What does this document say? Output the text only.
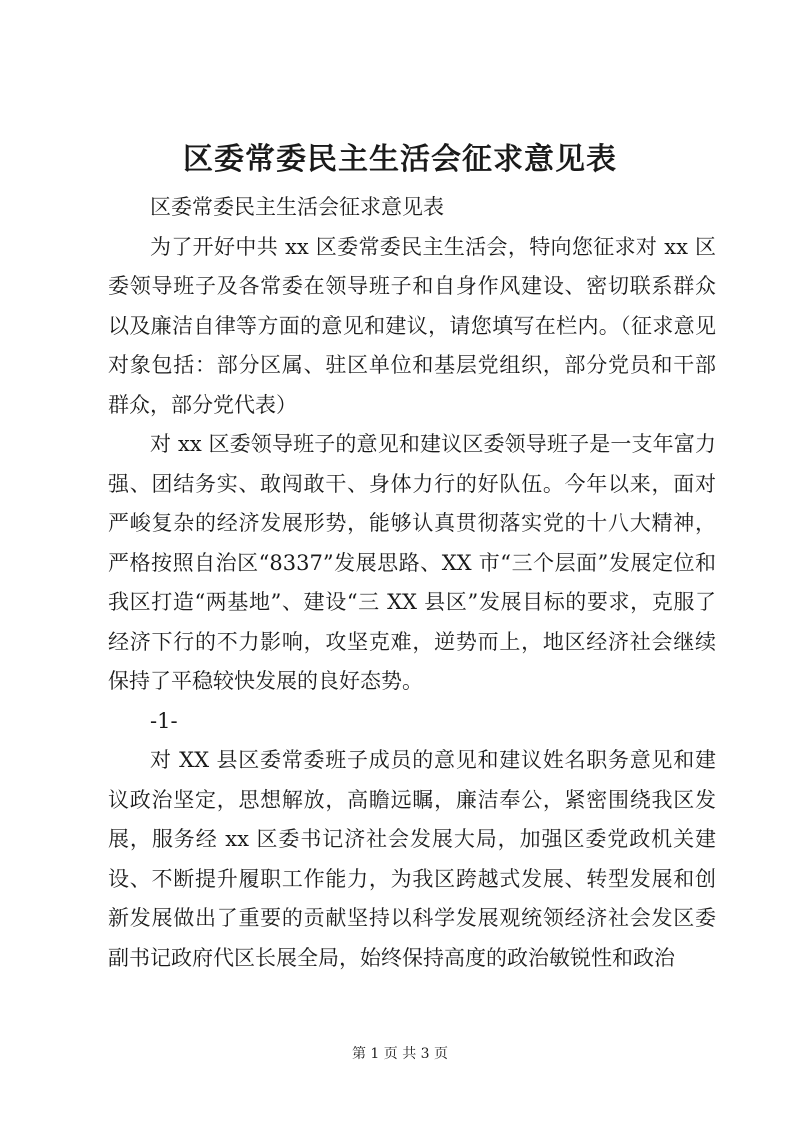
区委常委民主生活会征求意见表

区委常委民主生活会征求意见表

为了开好中共 xx 区委常委民主生活会，特向您征求对 xx 区委领导班子及各常委在领导班子和自身作风建设、密切联系群众以及廉洁自律等方面的意见和建议，请您填写在栏内。（征求意见对象包括：部分区属、驻区单位和基层党组织，部分党员和干部群众，部分党代表）

对 xx 区委领导班子的意见和建议区委领导班子是一支年富力强、团结务实、敢闯敢干、身体力行的好队伍。今年以来，面对严峻复杂的经济发展形势，能够认真贯彻落实党的十八大精神，严格按照自治区“8337”发展思路、XX 市“三个层面”发展定位和我区打造“两基地”、建设“三 XX 县区”发展目标的要求，克服了经济下行的不力影响，攻坚克难，逆势而上，地区经济社会继续保持了平稳较快发展的良好态势。

-1-

对 XX 县区委常委班子成员的意见和建议姓名职务意见和建议政治坚定，思想解放，高瞻远瞩，廉洁奉公，紧密围绕我区发展，服务经 xx 区委书记济社会发展大局，加强区委党政机关建设、不断提升履职工作能力，为我区跨越式发展、转型发展和创新发展做出了重要的贡献坚持以科学发展观统领经济社会发区委副书记政府代区长展全局，始终保持高度的政治敏锐性和政治

第 1 页 共 3 页
